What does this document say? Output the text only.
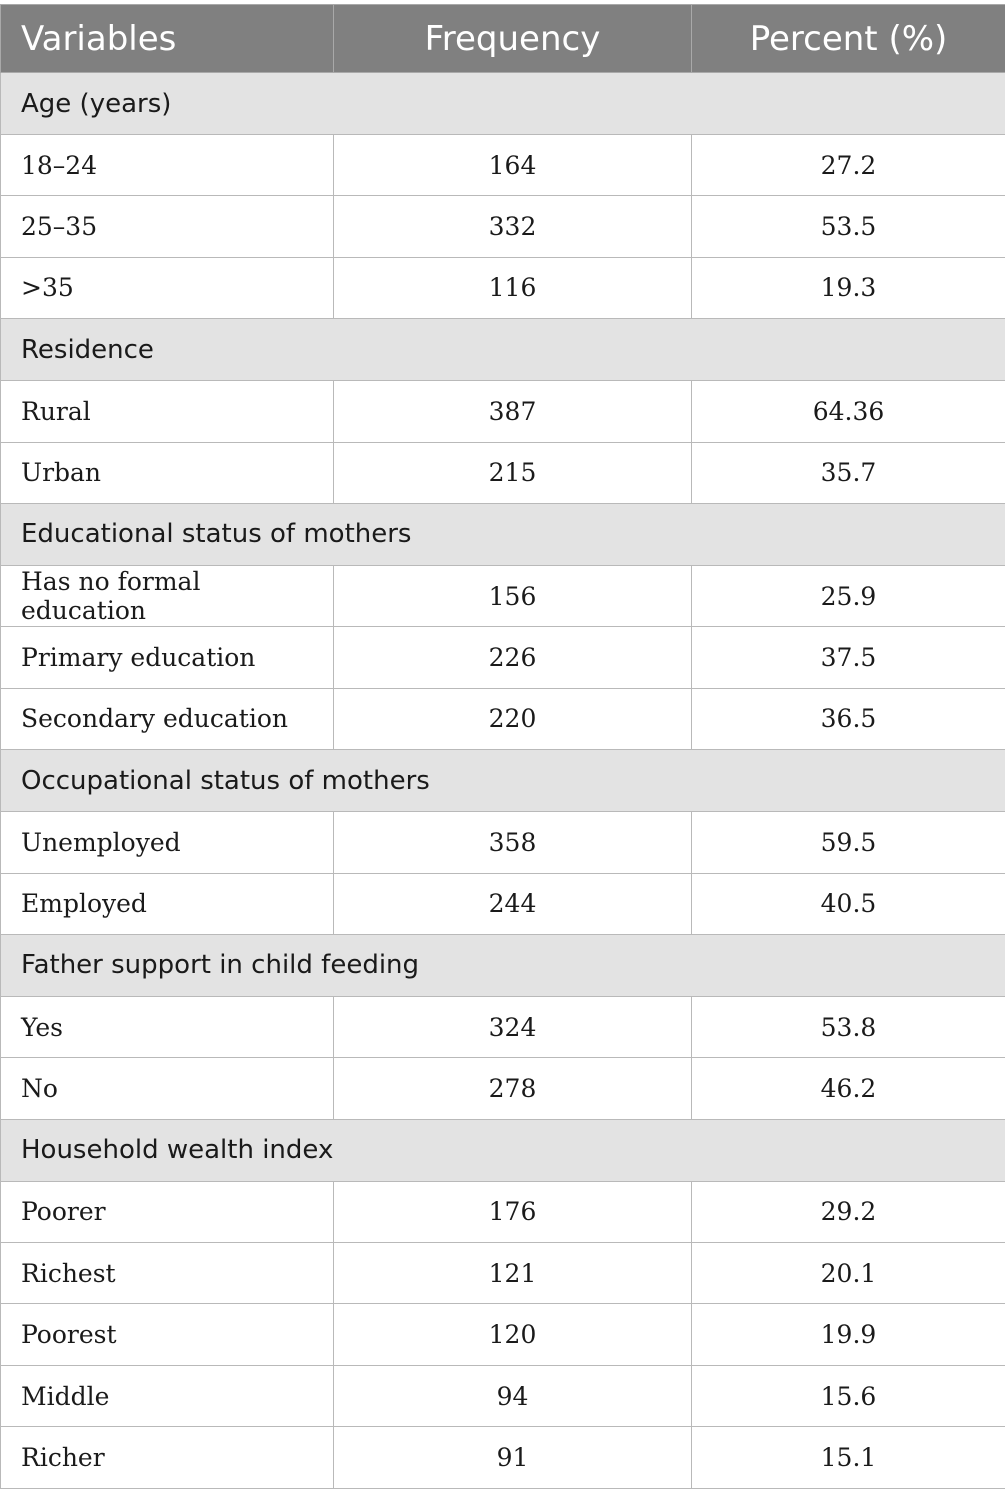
Variables	Frequency	Percent (%)
Age (years)		
18–24	164	27.2
25–35	332	53.5
>35	116	19.3
Residence		
Rural	387	64.36
Urban	215	35.7
Educational status of mothers		
Has no formal education	156	25.9
Primary education	226	37.5
Secondary education	220	36.5
Occupational status of mothers		
Unemployed	358	59.5
Employed	244	40.5
Father support in child feeding		
Yes	324	53.8
No	278	46.2
Household wealth index		
Poorer	176	29.2
Richest	121	20.1
Poorest	120	19.9
Middle	94	15.6
Richer	91	15.1
